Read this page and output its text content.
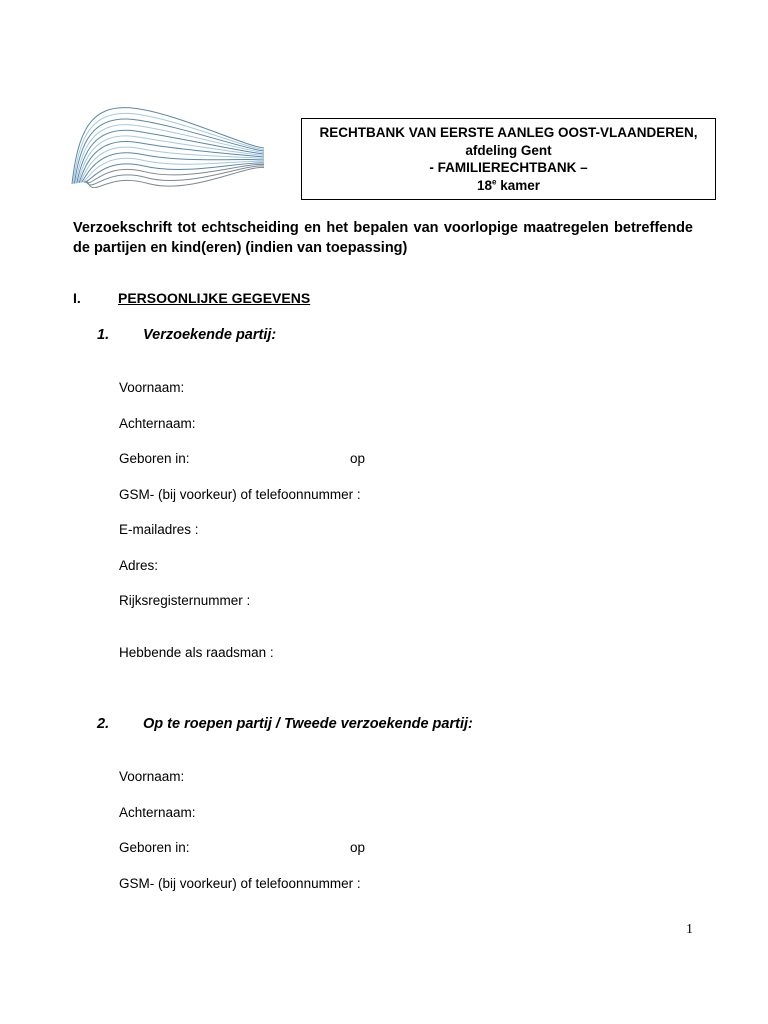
RECHTBANK VAN EERSTE AANLEG OOST-VLAANDEREN,
afdeling Gent
- FAMILIERECHTBANK –
18e kamer
Verzoekschrift tot echtscheiding en het bepalen van voorlopige maatregelen betreffende de partijen en kind(eren) (indien van toepassing)
I.	PERSOONLIJKE GEGEVENS
1. Verzoekende partij:
Voornaam:
Achternaam:
Geboren in:	op
GSM- (bij voorkeur) of telefoonnummer :
E-mailadres :
Adres:
Rijksregisternummer :
Hebbende als raadsman :
2. Op te roepen partij / Tweede verzoekende partij:
Voornaam:
Achternaam:
Geboren in:	op
GSM- (bij voorkeur) of telefoonnummer :
1
